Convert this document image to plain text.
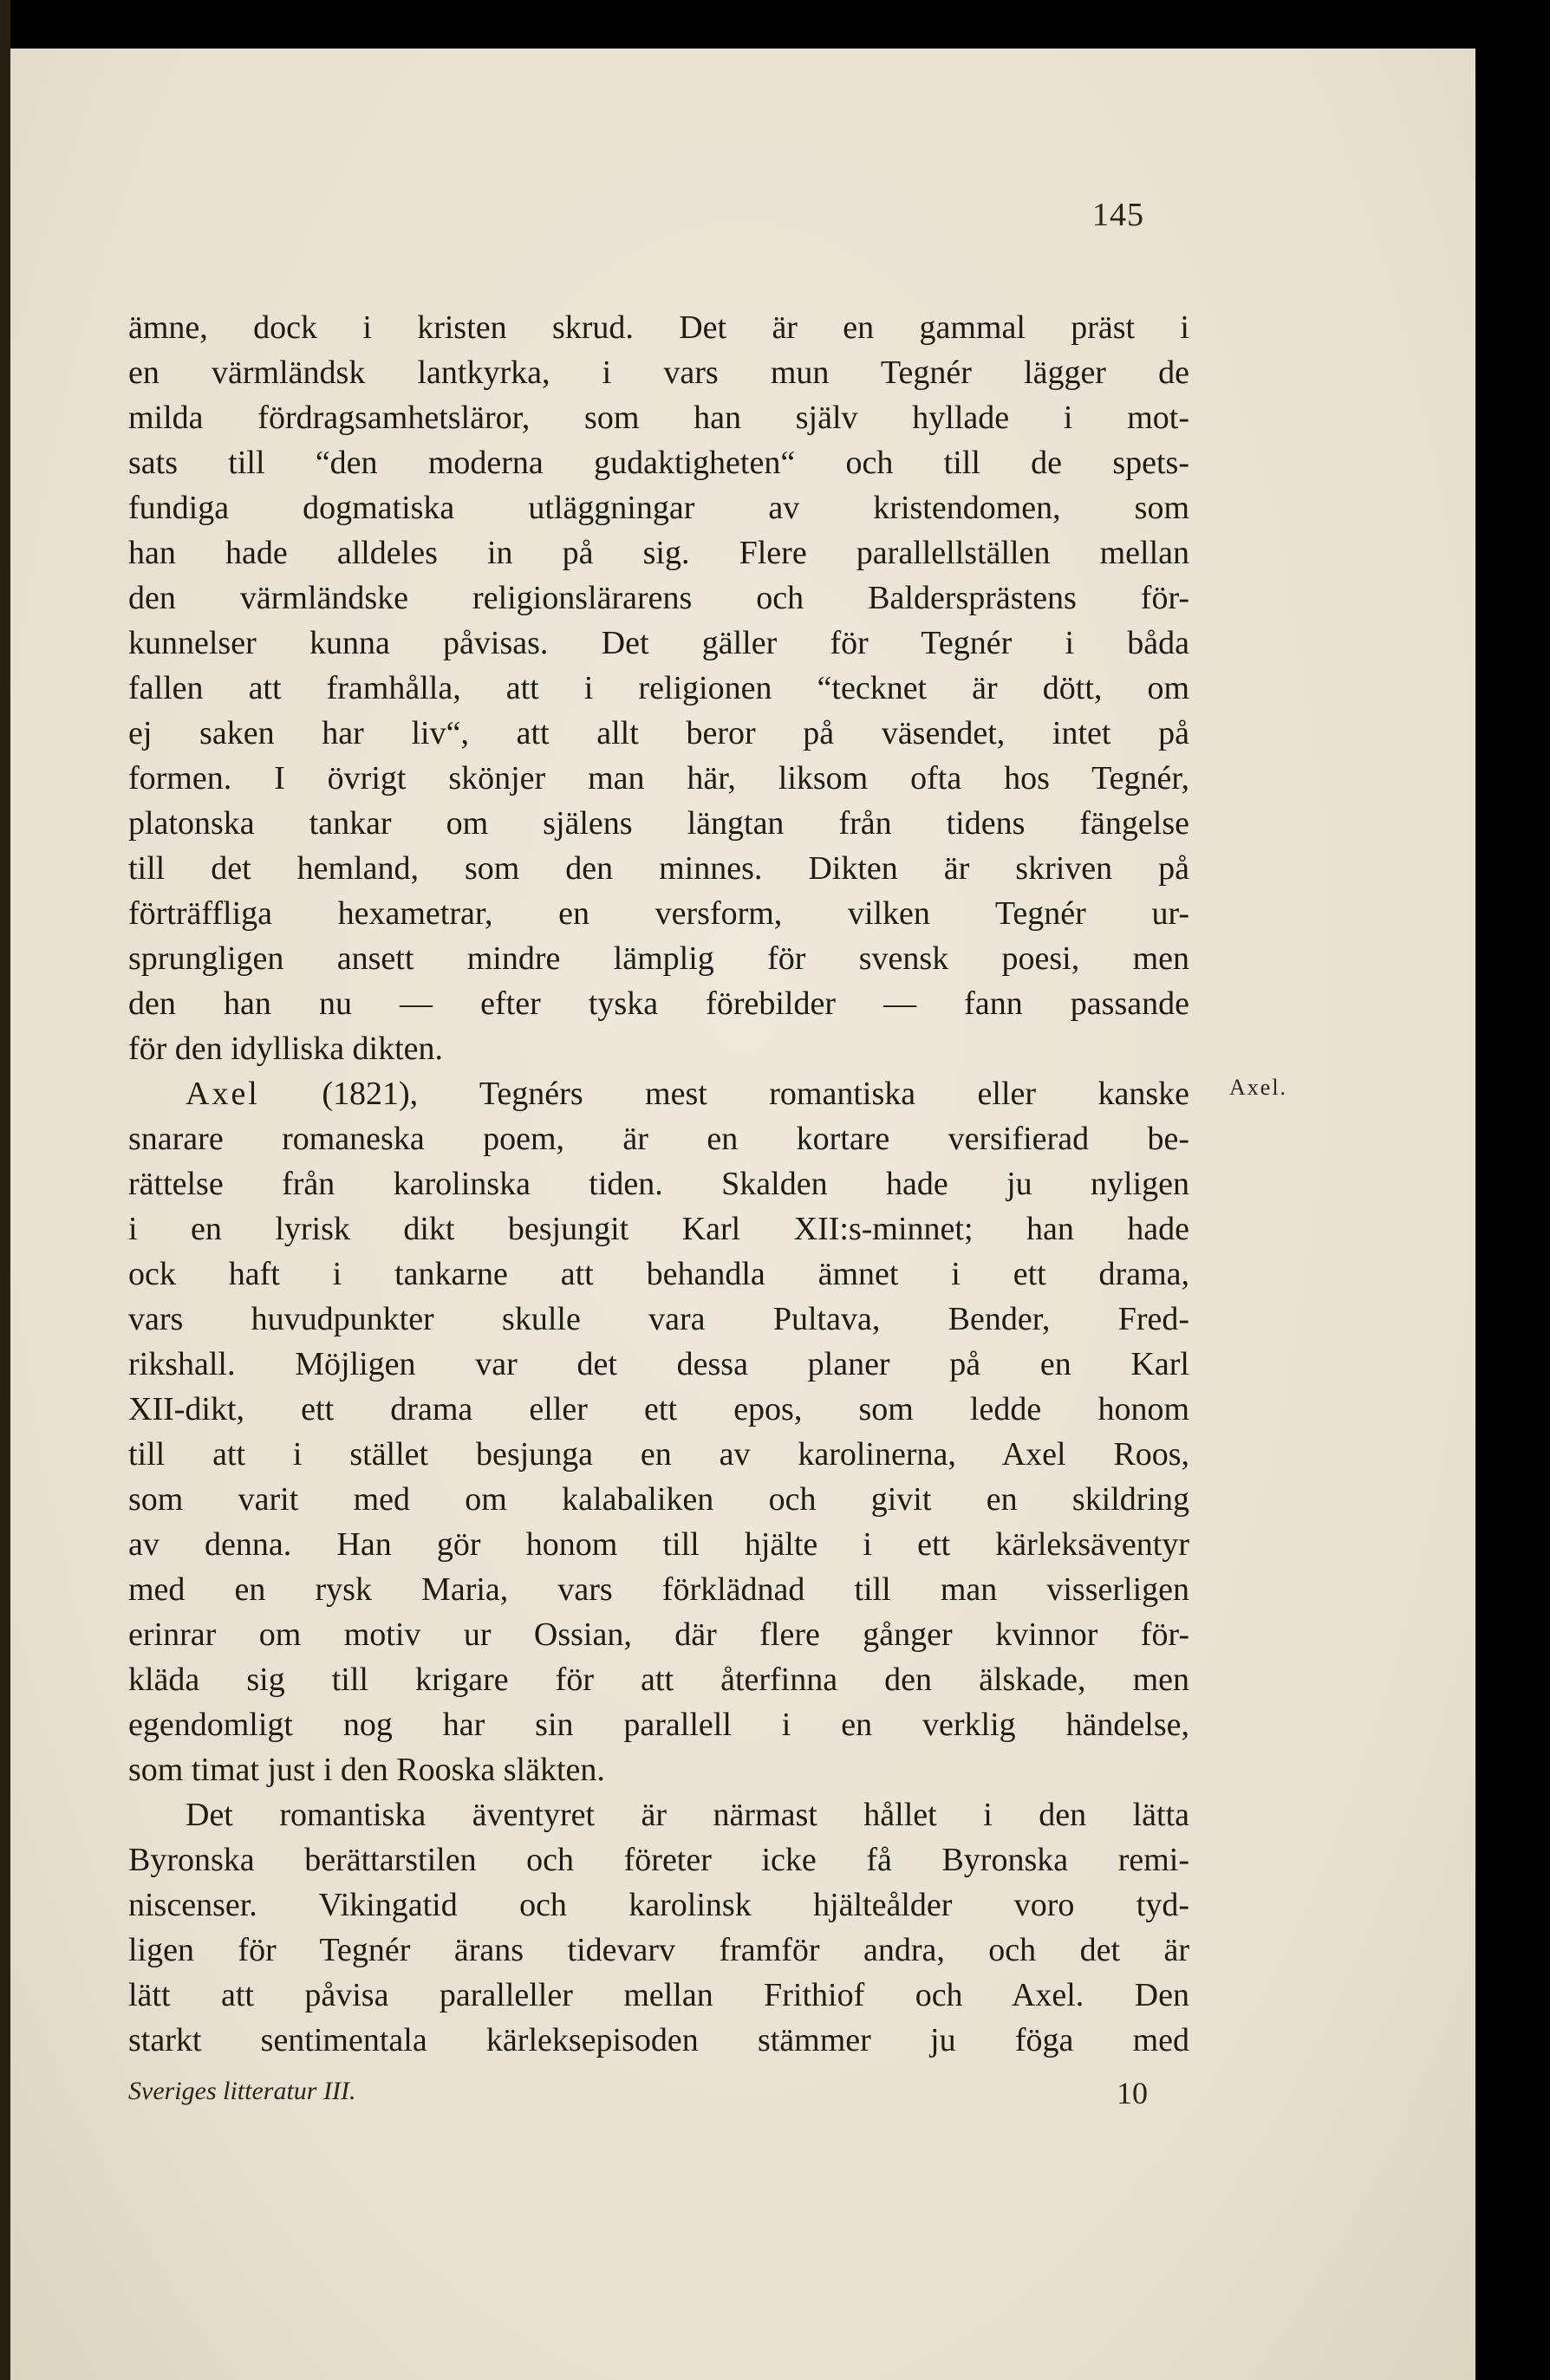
145
ämne, dock i kristen skrud. Det är en gammal präst i
en värmländsk lantkyrka, i vars mun Tegnér lägger de
milda fördragsamhetsläror, som han själv hyllade i mot-
sats till “den moderna gudaktigheten“ och till de spets-
fundiga dogmatiska utläggningar av kristendomen, som
han hade alldeles in på sig. Flere parallellställen mellan
den värmländske religionslärarens och Baldersprästens för-
kunnelser kunna påvisas. Det gäller för Tegnér i båda
fallen att framhålla, att i religionen “tecknet är dött, om
ej saken har liv“, att allt beror på väsendet, intet på
formen. I övrigt skönjer man här, liksom ofta hos Tegnér,
platonska tankar om själens längtan från tidens fängelse
till det hemland, som den minnes. Dikten är skriven på
förträffliga hexametrar, en versform, vilken Tegnér ur-
sprungligen ansett mindre lämplig för svensk poesi, men
den han nu — efter tyska förebilder — fann passande
för den idylliska dikten.
Axel (1821), Tegnérs mest romantiska eller kanske
snarare romaneska poem, är en kortare versifierad be-
rättelse från karolinska tiden. Skalden hade ju nyligen
i en lyrisk dikt besjungit Karl XII:s-minnet; han hade
ock haft i tankarne att behandla ämnet i ett drama,
vars huvudpunkter skulle vara Pultava, Bender, Fred-
rikshall. Möjligen var det dessa planer på en Karl
XII-dikt, ett drama eller ett epos, som ledde honom
till att i stället besjunga en av karolinerna, Axel Roos,
som varit med om kalabaliken och givit en skildring
av denna. Han gör honom till hjälte i ett kärleksäventyr
med en rysk Maria, vars förklädnad till man visserligen
erinrar om motiv ur Ossian, där flere gånger kvinnor för-
kläda sig till krigare för att återfinna den älskade, men
egendomligt nog har sin parallell i en verklig händelse,
som timat just i den Rooska släkten.
Det romantiska äventyret är närmast hållet i den lätta
Byronska berättarstilen och företer icke få Byronska remi-
niscenser. Vikingatid och karolinsk hjälteålder voro tyd-
ligen för Tegnér ärans tidevarv framför andra, och det är
lätt att påvisa paralleller mellan Frithiof och Axel. Den
starkt sentimentala kärleksepisoden stämmer ju föga med
Axel.
Sveriges litteratur III.	10
